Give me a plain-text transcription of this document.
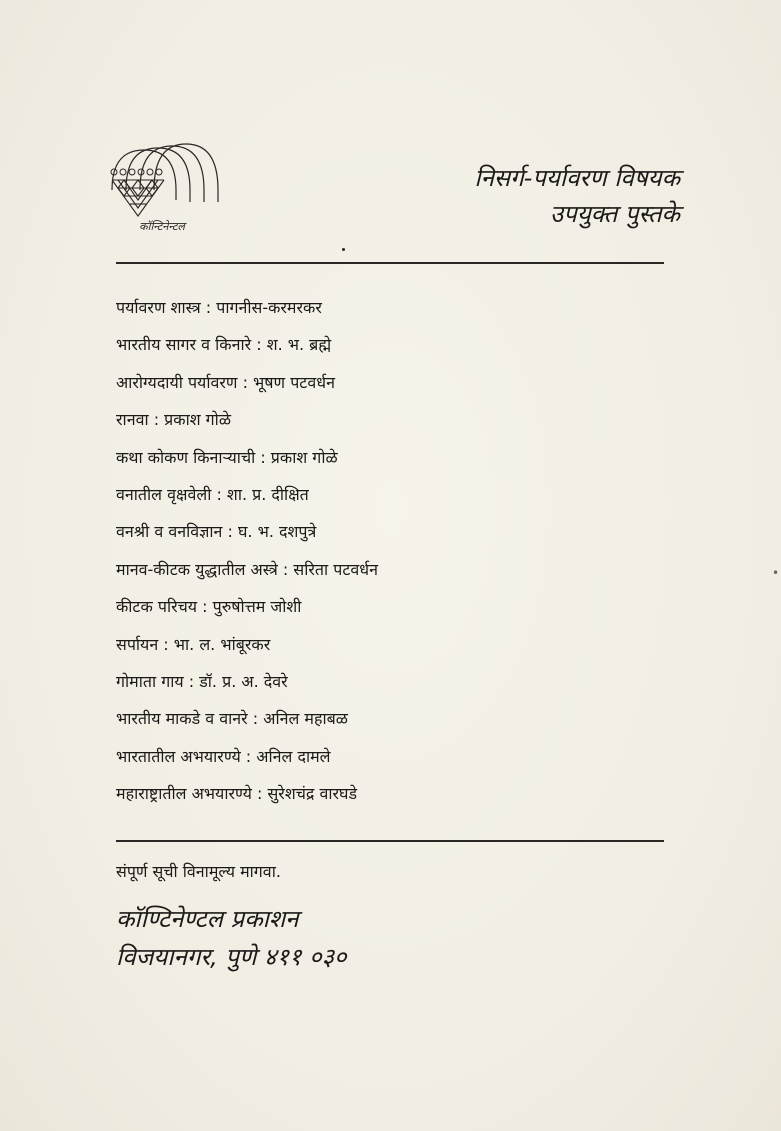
कॉन्टिनेन्टल
निसर्ग-पर्यावरण विषयक
उपयुक्त पुस्तके
पर्यावरण शास्त्र : पागनीस-करमरकर
भारतीय सागर व किनारे : श. भ. ब्रह्मे
आरोग्यदायी पर्यावरण : भूषण पटवर्धन
रानवा : प्रकाश गोळे
कथा कोकण किनाऱ्याची : प्रकाश गोळे
वनातील वृक्षवेली : शा. प्र. दीक्षित
वनश्री व वनविज्ञान : घ. भ. दशपुत्रे
मानव-कीटक युद्धातील अस्त्रे : सरिता पटवर्धन
कीटक परिचय : पुरुषोत्तम जोशी
सर्पायन : भा. ल. भांबूरकर
गोमाता गाय : डॉ. प्र. अ. देवरे
भारतीय माकडे व वानरे : अनिल महाबळ
भारतातील अभयारण्ये : अनिल दामले
महाराष्ट्रातील अभयारण्ये : सुरेशचंद्र वारघडे
संपूर्ण सूची विनामूल्य मागवा.
कॉण्टिनेण्टल प्रकाशन
विजयानगर, पुणे ४११ ०३०
•
